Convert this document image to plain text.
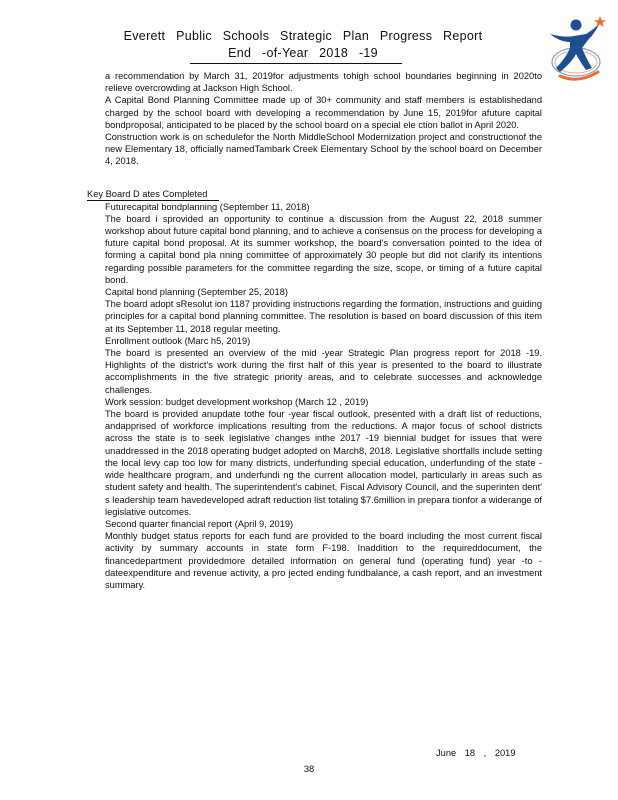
Everett Public Schools Strategic Plan Progress Report
End -of-Year 2018 -19
a recommendation by March 31, 2019for adjustments tohigh school boundaries beginning in 2020to relieve overcrowding at Jackson High School.
A Capital Bond Planning Committee made up of 30+ community and staff members is establishedand charged by the school board with developing a recommendation by June 15, 2019for afuture capital bondproposal, anticipated to be placed by the school board on a special ele ction ballot in April 2020.
Construction work is on schedulefor the North MiddleSchool Modernization project and constructionof the new Elementary 18, officially namedTambark Creek Elementary School by the school board on December 4, 2018.
Key Board D ates Completed
Futurecapital bondplanning (September 11, 2018)
The board i sprovided an opportunity to continue a discussion from the August 22, 2018 summer workshop about future capital bond planning, and to achieve a consensus on the process for developing a future capital bond proposal. At its summer workshop, the board's conversation pointed to the idea of forming a capital bond pla nning committee of approximately 30 people but did not clarify its intentions regarding possible parameters for the committee regarding the size, scope, or timing of a future capital bond.
Capital bond planning (September 25, 2018)
The board adopt sResolut ion 1187 providing instructions regarding the formation, instructions and guiding principles for a capital bond planning committee. The resolution is based on board discussion of this item at its September 11, 2018 regular meeting.
Enrollment outlook (Marc h5, 2019)
The board is presented an overview of the mid -year Strategic Plan progress report for 2018 -19. Highlights of the district's work during the first half of this year is presented to the board to illustrate accomplishments in the five strategic priority areas, and to celebrate successes and acknowledge challenges.
Work session: budget development workshop (March 12 , 2019)
The board is provided anupdate tothe four -year fiscal outlook, presented with a draft list of reductions, andapprised of workforce implications resulting from the reductions. A major focus of school districts across the state is to seek legislative changes inthe 2017 -19 biennial budget for issues that were unaddressed in the 2018 operating budget adopted on March8, 2018. Legislative shortfalls include setting the local levy cap too low for many districts, underfunding special education, underfunding of the state -wide healthcare program, and underfundi ng the current allocation model, particularly in areas such as student safety and health. The superintendent's cabinet, Fiscal Advisory Council, and the superinten dent' s leadership team havedeveloped adraft reduction list totaling $7.6million in prepara tionfor a widerange of legislative outcomes.
Second quarter financial report (April 9, 2019)
Monthly budget status reports for each fund are provided to the board including the most current fiscal activity by summary accounts in state form F-198. Inaddition to the requireddocument, the financedepartment providedmore detailed information on general fund (operating fund) year -to -dateexpenditure and revenue activity, a pro jected ending fundbalance, a cash report, and an investment summary.
June 18 , 2019
38
